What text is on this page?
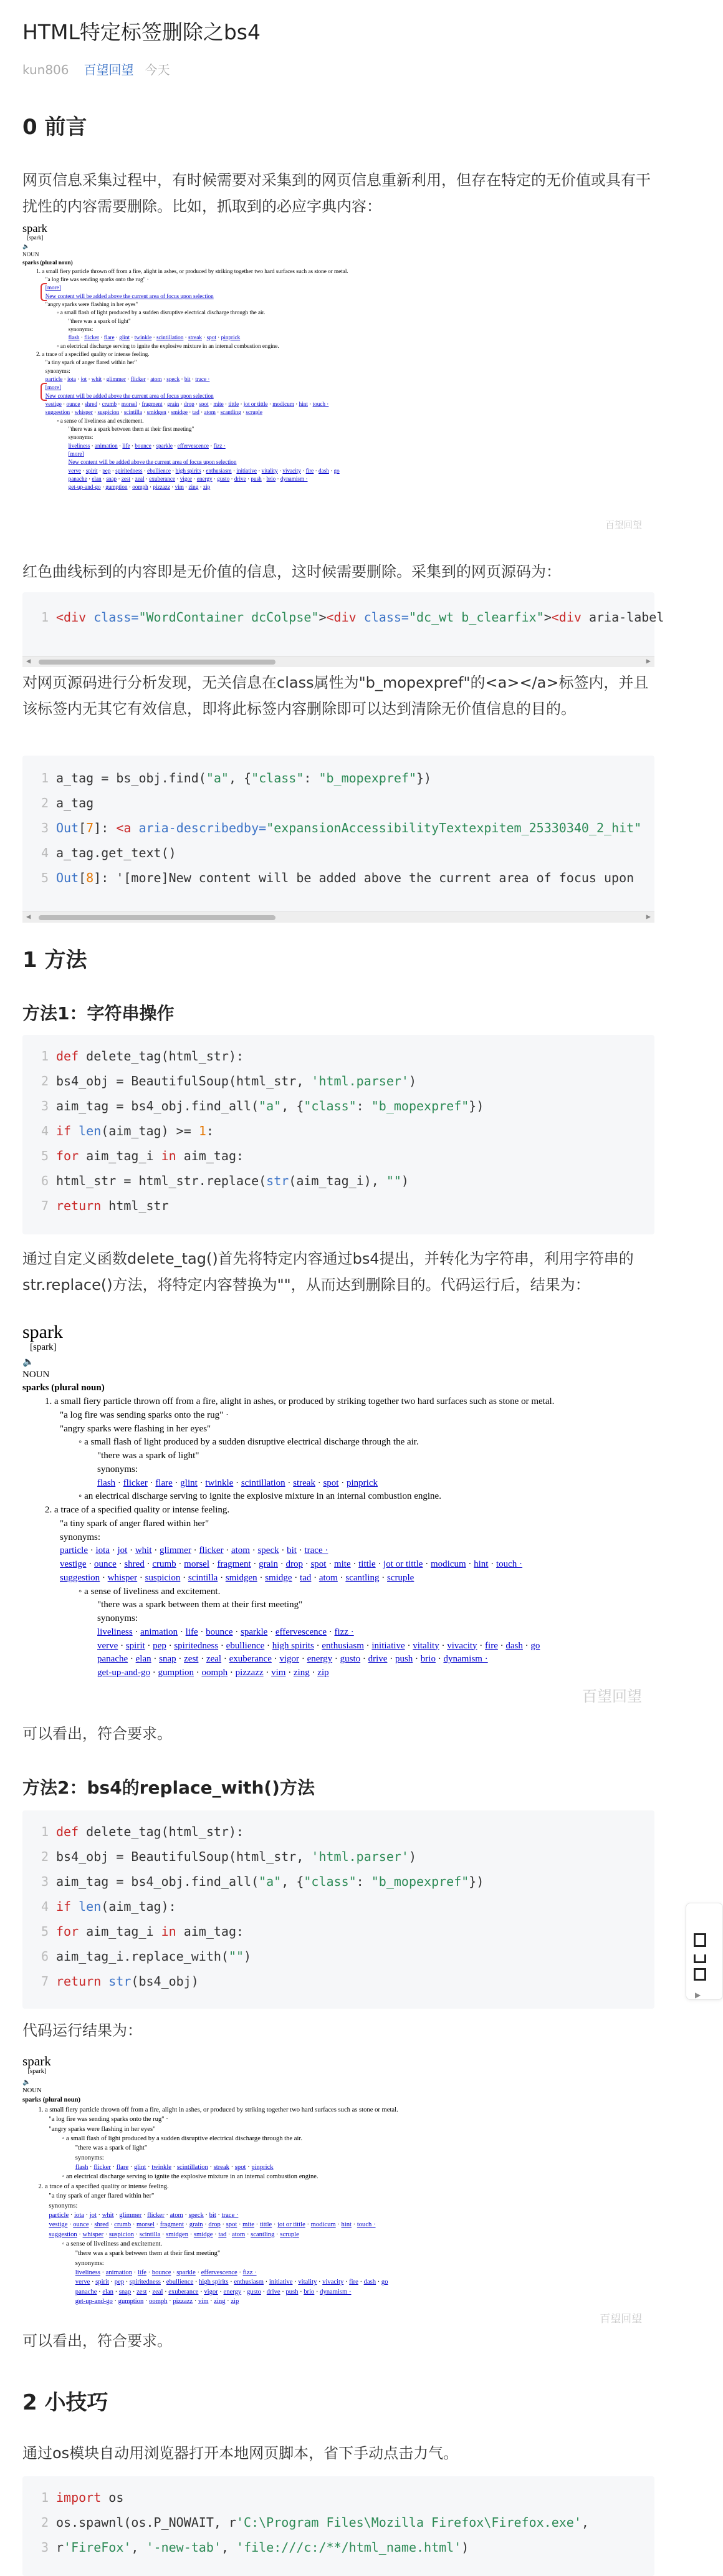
HTML特定标签删除之bs4
kun806 百望回望 今天
0 前言

网页信息采集过程中，有时候需要对采集到的网页信息重新利用，但存在特定的无价值或具有干扰性的内容需要删除。比如，抓取到的必应字典内容：

spark
[spark]
🔈
NOUN
sparks (plural noun)
1. a small fiery particle thrown off from a fire, alight in ashes, or produced by striking together two hard surfaces such as stone or metal.
"a log fire was sending sparks onto the rug" ·
[more]
New content will be added above the current area of focus upon selection
"angry sparks were flashing in her eyes"
◦ a small flash of light produced by a sudden disruptive electrical discharge through the air.
"there was a spark of light"
synonyms:
flash · flicker · flare · glint · twinkle · scintillation · streak · spot · pinprick
◦ an electrical discharge serving to ignite the explosive mixture in an internal combustion engine.
2. a trace of a specified quality or intense feeling.
"a tiny spark of anger flared within her"
synonyms:
particle · iota · jot · whit · glimmer · flicker · atom · speck · bit · trace ·
[more]
New content will be added above the current area of focus upon selection
vestige · ounce · shred · crumb · morsel · fragment · grain · drop · spot · mite · tittle · jot or tittle · modicum · hint · touch ·
suggestion · whisper · suspicion · scintilla · smidgen · smidge · tad · atom · scantling · scruple
◦ a sense of liveliness and excitement.
"there was a spark between them at their first meeting"
synonyms:
liveliness · animation · life · bounce · sparkle · effervescence · fizz ·
[more]
New content will be added above the current area of focus upon selection
verve · spirit · pep · spiritedness · ebullience · high spirits · enthusiasm · initiative · vitality · vivacity · fire · dash · go
panache · elan · snap · zest · zeal · exuberance · vigor · energy · gusto · drive · push · brio · dynamism ·
get-up-and-go · gumption · oomph · pizzazz · vim · zing · zip
百望回望

红色曲线标到的内容即是无价值的信息，这时候需要删除。采集到的网页源码为：

1 <div class="WordContainer dcColpse"><div class="dc_wt b_clearfix"><div aria-label
◀	▶

对网页源码进行分析发现，无关信息在class属性为"b_mopexpref"的<a></a>标签内，并且该标签内无其它有效信息，即将此标签内容删除即可以达到清除无价值信息的目的。

1 a_tag = bs_obj.find("a", {"class": "b_mopexpref"})
2 a_tag
3 Out[7]: <a aria-describedby="expansionAccessibilityTextexpitem_25330340_2_hit"
4 a_tag.get_text()
5 Out[8]: '[more]New content will be added above the current area of focus upon
◀	▶
1 方法
方法1：字符串操作
1 def delete_tag(html_str):
2 bs4_obj = BeautifulSoup(html_str, 'html.parser')
3 aim_tag = bs4_obj.find_all("a", {"class": "b_mopexpref"})
4 if len(aim_tag) >= 1:
5 for aim_tag_i in aim_tag:
6 html_str = html_str.replace(str(aim_tag_i), "")
7 return html_str

通过自定义函数delete_tag()首先将特定内容通过bs4提出，并转化为字符串，利用字符串的str.replace()方法，将特定内容替换为""，从而达到删除目的。代码运行后，结果为：

spark
[spark]
🔈
NOUN
sparks (plural noun)
1. a small fiery particle thrown off from a fire, alight in ashes, or produced by striking together two hard surfaces such as stone or metal.
"a log fire was sending sparks onto the rug" ·
"angry sparks were flashing in her eyes"
◦ a small flash of light produced by a sudden disruptive electrical discharge through the air.
"there was a spark of light"
synonyms:
flash · flicker · flare · glint · twinkle · scintillation · streak · spot · pinprick
◦ an electrical discharge serving to ignite the explosive mixture in an internal combustion engine.
2. a trace of a specified quality or intense feeling.
"a tiny spark of anger flared within her"
synonyms:
particle · iota · jot · whit · glimmer · flicker · atom · speck · bit · trace ·
vestige · ounce · shred · crumb · morsel · fragment · grain · drop · spot · mite · tittle · jot or tittle · modicum · hint · touch ·
suggestion · whisper · suspicion · scintilla · smidgen · smidge · tad · atom · scantling · scruple
◦ a sense of liveliness and excitement.
"there was a spark between them at their first meeting"
synonyms:
liveliness · animation · life · bounce · sparkle · effervescence · fizz ·
verve · spirit · pep · spiritedness · ebullience · high spirits · enthusiasm · initiative · vitality · vivacity · fire · dash · go
panache · elan · snap · zest · zeal · exuberance · vigor · energy · gusto · drive · push · brio · dynamism ·
get-up-and-go · gumption · oomph · pizzazz · vim · zing · zip
百望回望

可以看出，符合要求。

方法2：bs4的replace_with()方法
1 def delete_tag(html_str):
2 bs4_obj = BeautifulSoup(html_str, 'html.parser')
3 aim_tag = bs4_obj.find_all("a", {"class": "b_mopexpref"})
4 if len(aim_tag):
5 for aim_tag_i in aim_tag:
6 aim_tag_i.replace_with("")
7 return str(bs4_obj)

代码运行结果为：

spark
[spark]
🔈
NOUN
sparks (plural noun)
1. a small fiery particle thrown off from a fire, alight in ashes, or produced by striking together two hard surfaces such as stone or metal.
"a log fire was sending sparks onto the rug" ·
"angry sparks were flashing in her eyes"
◦ a small flash of light produced by a sudden disruptive electrical discharge through the air.
"there was a spark of light"
synonyms:
flash · flicker · flare · glint · twinkle · scintillation · streak · spot · pinprick
◦ an electrical discharge serving to ignite the explosive mixture in an internal combustion engine.
2. a trace of a specified quality or intense feeling.
"a tiny spark of anger flared within her"
synonyms:
particle · iota · jot · whit · glimmer · flicker · atom · speck · bit · trace ·
vestige · ounce · shred · crumb · morsel · fragment · grain · drop · spot · mite · tittle · jot or tittle · modicum · hint · touch ·
suggestion · whisper · suspicion · scintilla · smidgen · smidge · tad · atom · scantling · scruple
◦ a sense of liveliness and excitement.
"there was a spark between them at their first meeting"
synonyms:
liveliness · animation · life · bounce · sparkle · effervescence · fizz ·
verve · spirit · pep · spiritedness · ebullience · high spirits · enthusiasm · initiative · vitality · vivacity · fire · dash · go
panache · elan · snap · zest · zeal · exuberance · vigor · energy · gusto · drive · push · brio · dynamism ·
get-up-and-go · gumption · oomph · pizzazz · vim · zing · zip
百望回望

可以看出，符合要求。

2 小技巧

通过os模块自动用浏览器打开本地网页脚本，省下手动点击力气。

1 import os
2 os.spawnl(os.P_NOWAIT, r'C:\Program Files\Mozilla Firefox\Firefox.exe',
3 r'FireFox', '-new-tab', 'file:///c:/**/html_name.html')
▶
